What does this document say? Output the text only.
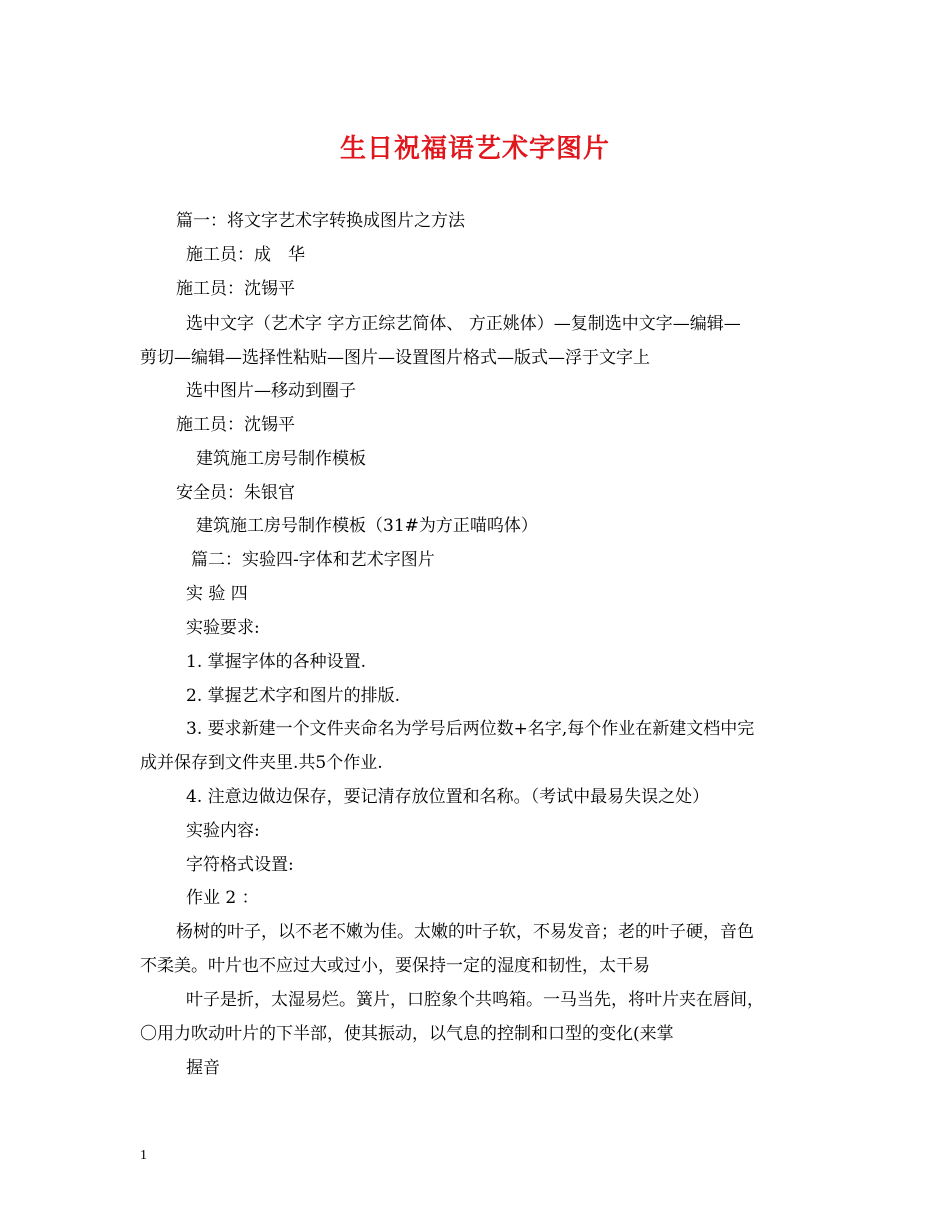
生日祝福语艺术字图片
篇一：将文字艺术字转换成图片之方法
施工员：成　华
施工员：沈锡平
选中文字（艺术字 字方正综艺简体、 方正姚体）—复制选中文字—编辑—
剪切—编辑—选择性粘贴—图片—设置图片格式—版式—浮于文字上
选中图片—移动到圈子
施工员：沈锡平
建筑施工房号制作模板
安全员：朱银官
建筑施工房号制作模板（31#为方正喵呜体）
篇二：实验四-字体和艺术字图片
实 验 四
实验要求:
1. 掌握字体的各种设置.
2. 掌握艺术字和图片的排版.
3. 要求新建一个文件夹命名为学号后两位数+名字,每个作业在新建文档中完
成并保存到文件夹里.共5个作业.
4. 注意边做边保存，要记清存放位置和名称。（考试中最易失误之处）
实验内容:
字符格式设置:
作业 2 ：
杨树的叶子，以不老不嫩为佳。太嫩的叶子软，不易发音；老的叶子硬，音色
不柔美。叶片也不应过大或过小，要保持一定的湿度和韧性，太干易
叶子是折，太湿易烂。簧片，口腔象个共鸣箱。一马当先，将叶片夹在唇间，
〇用力吹动叶片的下半部，使其振动，以气息的控制和口型的变化(来掌
握音
1
